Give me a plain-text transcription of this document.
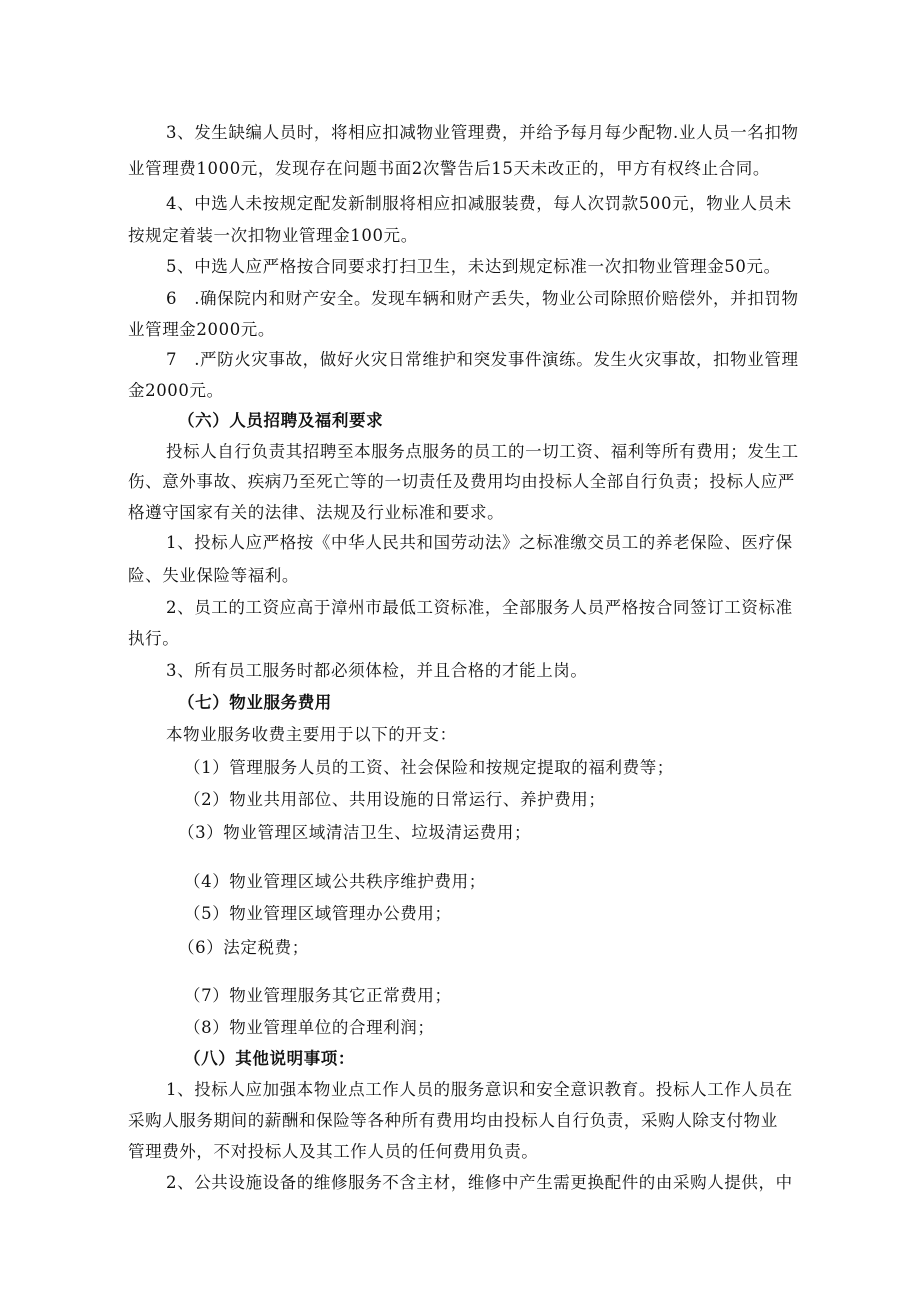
3、发生缺编人员时，将相应扣减物业管理费，并给予每月每少配物.业人员一名扣物
业管理费1000元，发现存在问题书面2次警告后15天未改正的，甲方有权终止合同。
4、中选人未按规定配发新制服将相应扣减服装费，每人次罚款500元，物业人员未
按规定着装一次扣物业管理金100元。
5、中选人应严格按合同要求打扫卫生，未达到规定标准一次扣物业管理金50元。
6　.确保院内和财产安全。发现车辆和财产丢失，物业公司除照价赔偿外，并扣罚物
业管理金2000元。
7　.严防火灾事故，做好火灾日常维护和突发事件演练。发生火灾事故，扣物业管理
金2000元。
（六）人员招聘及福利要求
投标人自行负责其招聘至本服务点服务的员工的一切工资、福利等所有费用；发生工
伤、意外事故、疾病乃至死亡等的一切责任及费用均由投标人全部自行负责；投标人应严
格遵守国家有关的法律、法规及行业标准和要求。
1、投标人应严格按《中华人民共和国劳动法》之标准缴交员工的养老保险、医疗保
险、失业保险等福利。
2、员工的工资应高于漳州市最低工资标准，全部服务人员严格按合同签订工资标准
执行。
3、所有员工服务时都必须体检，并且合格的才能上岗。
（七）物业服务费用
本物业服务收费主要用于以下的开支：
（1）管理服务人员的工资、社会保险和按规定提取的福利费等；
（2）物业共用部位、共用设施的日常运行、养护费用；
（3）物业管理区域清洁卫生、垃圾清运费用；
（4）物业管理区域公共秩序维护费用；
（5）物业管理区域管理办公费用；
（6）法定税费；
（7）物业管理服务其它正常费用；
（8）物业管理单位的合理利润；
（八）其他说明事项：
1、投标人应加强本物业点工作人员的服务意识和安全意识教育。投标人工作人员在
采购人服务期间的薪酬和保险等各种所有费用均由投标人自行负责，采购人除支付物业
管理费外，不对投标人及其工作人员的任何费用负责。
2、公共设施设备的维修服务不含主材，维修中产生需更换配件的由采购人提供，中
